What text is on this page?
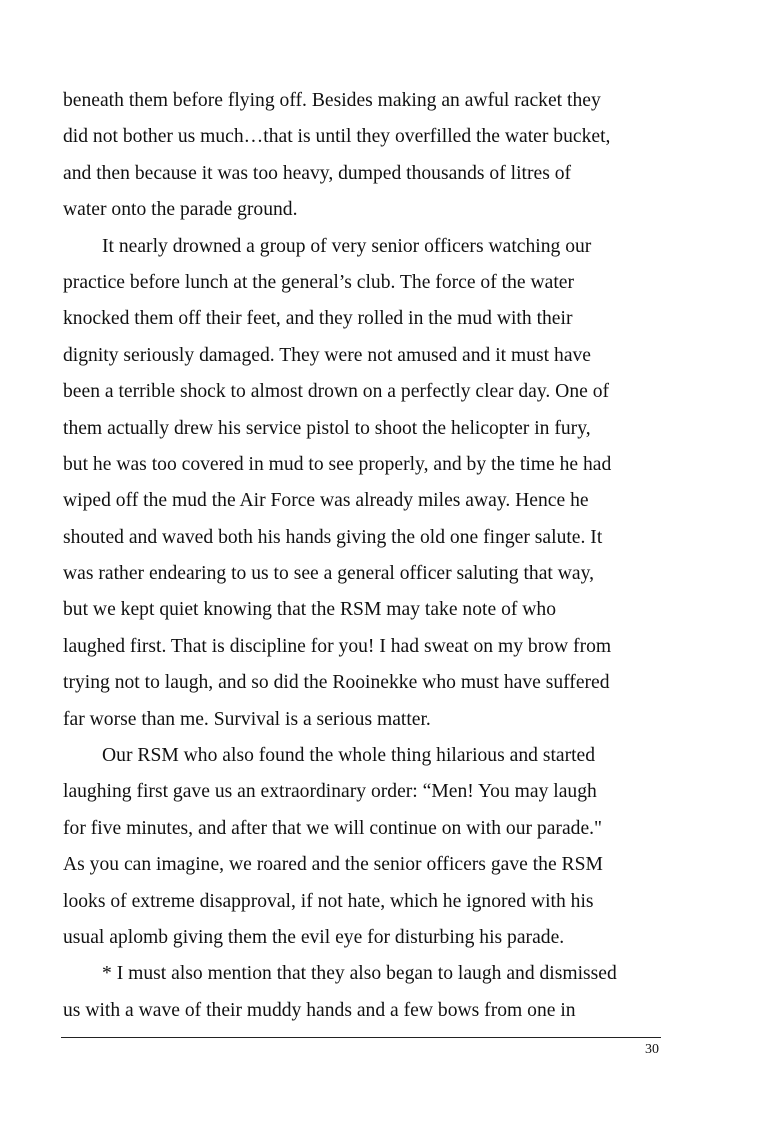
beneath them before flying off. Besides making an awful racket they
did not bother us much…that is until they overfilled the water bucket,
and then because it was too heavy, dumped thousands of litres of
water onto the parade ground.
It nearly drowned a group of very senior officers watching our
practice before lunch at the general’s club. The force of the water
knocked them off their feet, and they rolled in the mud with their
dignity seriously damaged. They were not amused and it must have
been a terrible shock to almost drown on a perfectly clear day. One of
them actually drew his service pistol to shoot the helicopter in fury,
but he was too covered in mud to see properly, and by the time he had
wiped off the mud the Air Force was already miles away. Hence he
shouted and waved both his hands giving the old one finger salute. It
was rather endearing to us to see a general officer saluting that way,
but we kept quiet knowing that the RSM may take note of who
laughed first. That is discipline for you! I had sweat on my brow from
trying not to laugh, and so did the Rooinekke who must have suffered
far worse than me. Survival is a serious matter.
Our RSM who also found the whole thing hilarious and started
laughing first gave us an extraordinary order: “Men! You may laugh
for five minutes, and after that we will continue on with our parade."
As you can imagine, we roared and the senior officers gave the RSM
looks of extreme disapproval, if not hate, which he ignored with his
usual aplomb giving them the evil eye for disturbing his parade.
* I must also mention that they also began to laugh and dismissed
us with a wave of their muddy hands and a few bows from one in
30
